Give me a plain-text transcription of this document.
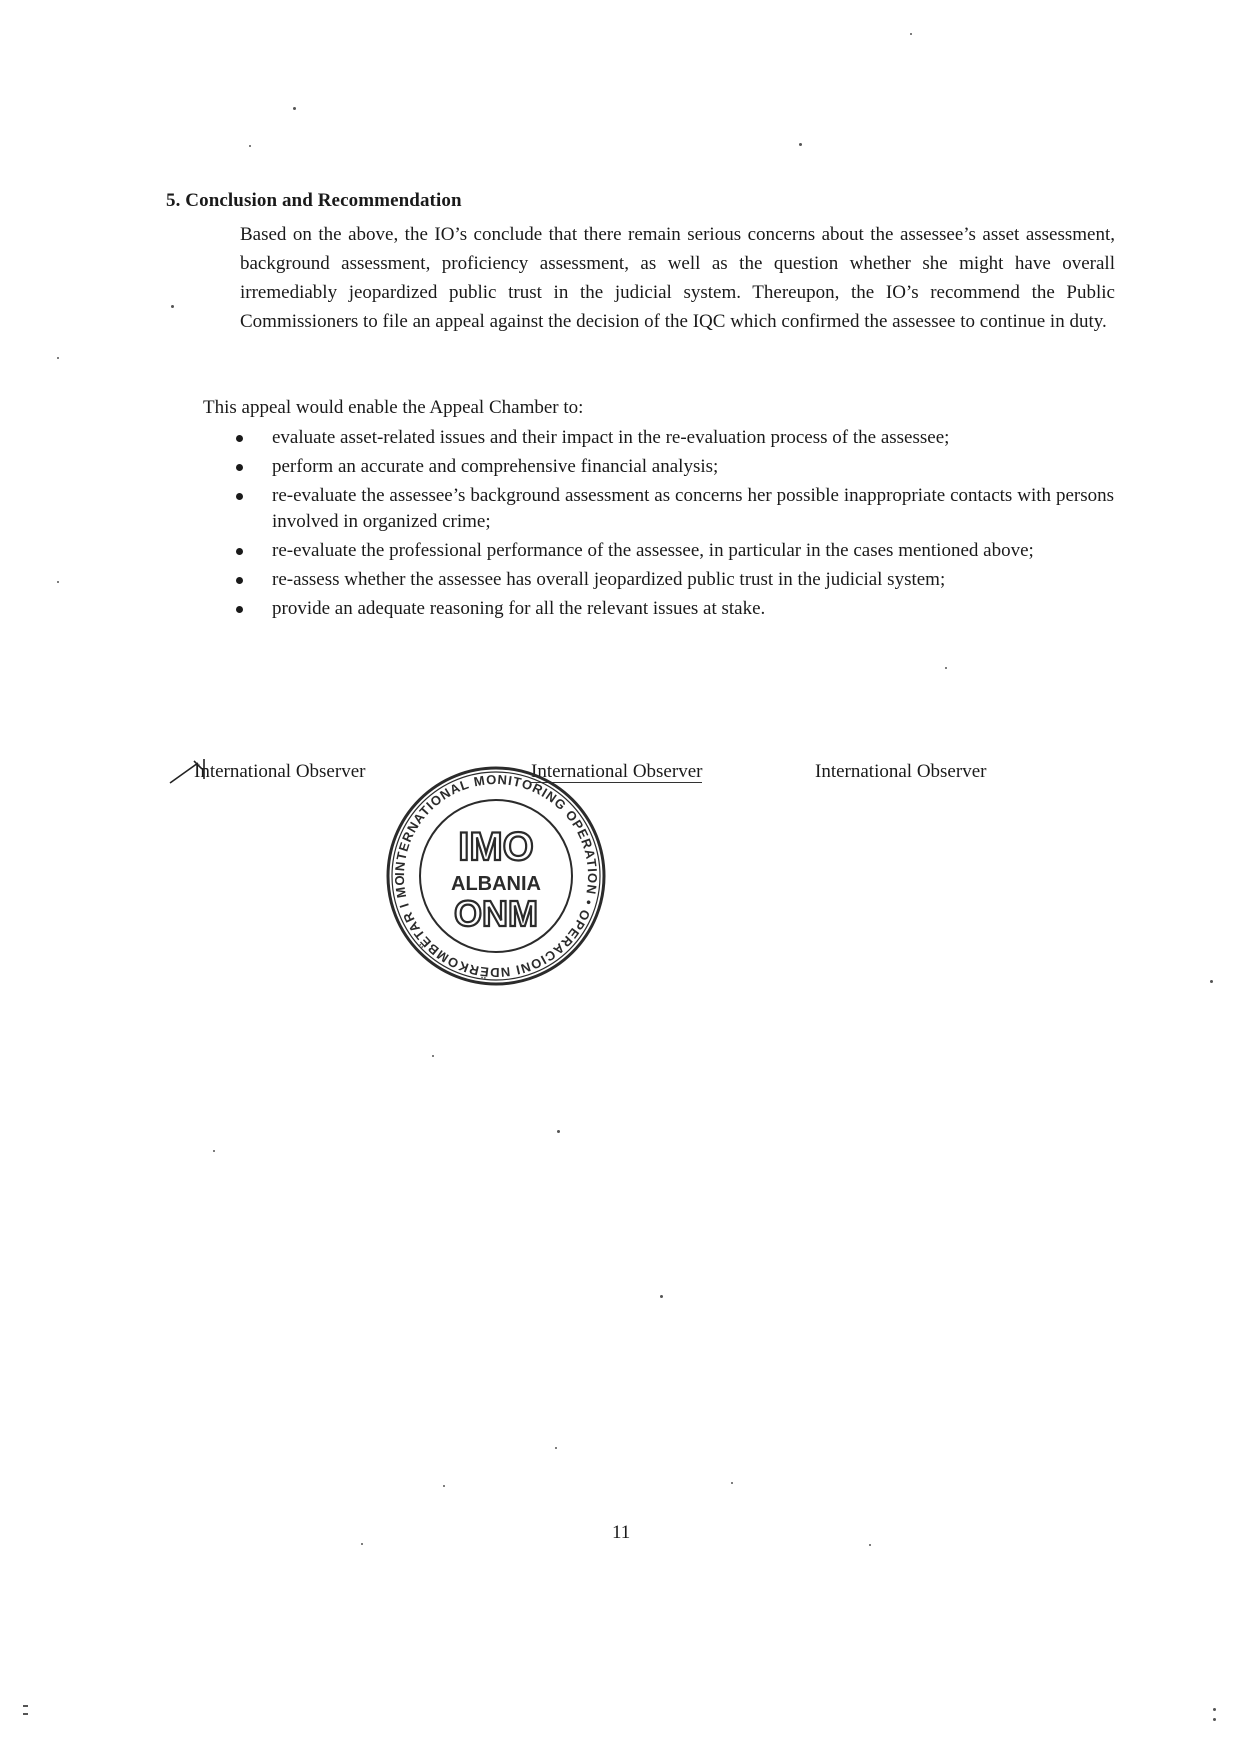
5. Conclusion and Recommendation

Based on the above, the IO’s conclude that there remain serious concerns about the assessee’s asset assessment, background assessment, proficiency assessment, as well as the question whether she might have overall irremediably jeopardized public trust in the judicial system. Thereupon, the IO’s recommend the Public Commissioners to file an appeal against the decision of the IQC which confirmed the assessee to continue in duty.

This appeal would enable the Appeal Chamber to:
evaluate asset-related issues and their impact in the re-evaluation process of the assessee;
perform an accurate and comprehensive financial analysis;
re-evaluate the assessee’s background assessment as concerns her possible inappropriate contacts with persons involved in organized crime;
re-evaluate the professional performance of the assessee, in particular in the cases mentioned above;
re-assess whether the assessee has overall jeopardized public trust in the judicial system;
provide an adequate reasoning for all the relevant issues at stake.
International Observer	International Observer	International Observer
INTERNATIONAL MONITORING OPERATION • OPERACIONI NDËRKOMBËTAR I MO
IMO
ALBANIA
ONM
11
